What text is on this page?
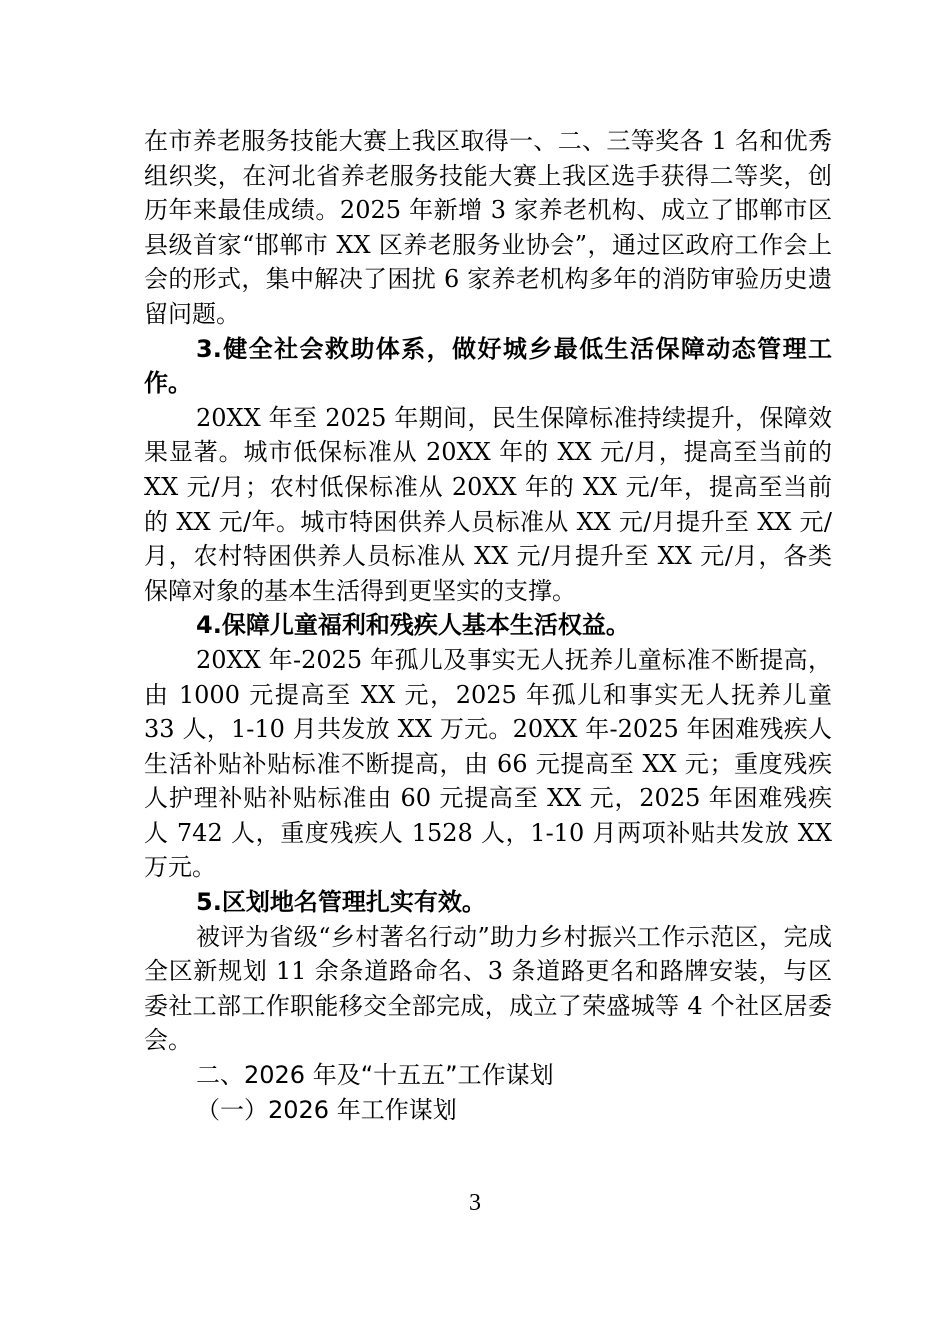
在市养老服务技能大赛上我区取得一、二、三等奖各 1 名和优秀组织奖，在河北省养老服务技能大赛上我区选手获得二等奖，创历年来最佳成绩。2025 年新增 3 家养老机构、成立了邯郸市区县级首家“邯郸市 XX 区养老服务业协会”，通过区政府工作会上会的形式，集中解决了困扰 6 家养老机构多年的消防审验历史遗留问题。

3.健全社会救助体系，做好城乡最低生活保障动态管理工作。

20XX 年至 2025 年期间，民生保障标准持续提升，保障效果显著。城市低保标准从 20XX 年的 XX 元/月，提高至当前的 XX 元/月；农村低保标准从 20XX 年的 XX 元/年，提高至当前的 XX 元/年。城市特困供养人员标准从 XX 元/月提升至 XX 元/月，农村特困供养人员标准从 XX 元/月提升至 XX 元/月，各类保障对象的基本生活得到更坚实的支撑。

4.保障儿童福利和残疾人基本生活权益。

20XX 年-2025 年孤儿及事实无人抚养儿童标准不断提高，由 1000 元提高至 XX 元，2025 年孤儿和事实无人抚养儿童 33 人，1-10 月共发放 XX 万元。20XX 年-2025 年困难残疾人生活补贴补贴标准不断提高，由 66 元提高至 XX 元；重度残疾人护理补贴补贴标准由 60 元提高至 XX 元，2025 年困难残疾人 742 人，重度残疾人 1528 人，1-10 月两项补贴共发放 XX 万元。

5.区划地名管理扎实有效。

被评为省级“乡村著名行动”助力乡村振兴工作示范区，完成全区新规划 11 余条道路命名、3 条道路更名和路牌安装，与区委社工部工作职能移交全部完成，成立了荣盛城等 4 个社区居委会。

二、2026 年及“十五五”工作谋划

（一）2026 年工作谋划

3
